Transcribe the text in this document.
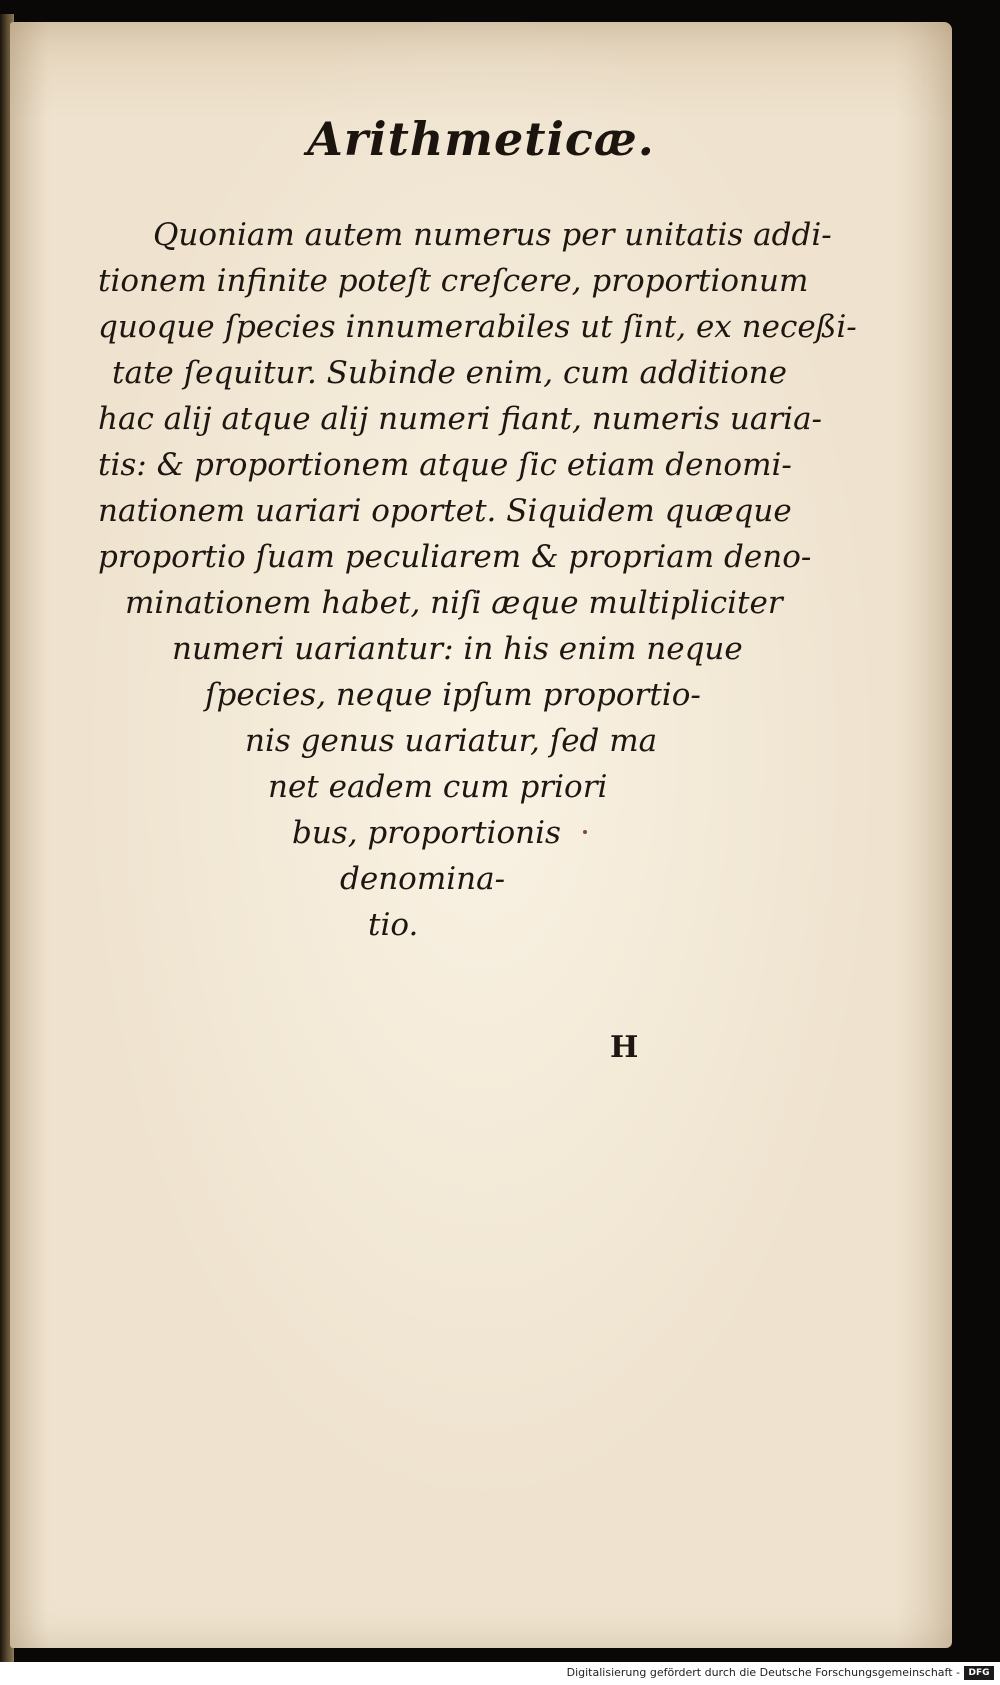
Arithmeticæ.
Quoniam autem numerus per unitatis addi-
tionem infinite poteſt creſcere, proportionum
quoque ſpecies innumerabiles ut ſint, ex neceßi-
tate ſequitur. Subinde enim, cum additione
hac alij atque alij numeri fiant, numeris uaria-
tis: & proportionem atque ſic etiam denomi-
nationem uariari oportet. Siquidem quæque
proportio ſuam peculiarem & propriam deno-
minationem habet, niſi æque multipliciter
numeri uariantur: in his enim neque
ſpecies, neque ipſum proportio-
nis genus uariatur, ſed ma
net eadem cum priori
bus, proportionis
denomina-
tio.
H
Digitalisierung gefördert durch die Deutsche Forschungsgemeinschaft - DFG
